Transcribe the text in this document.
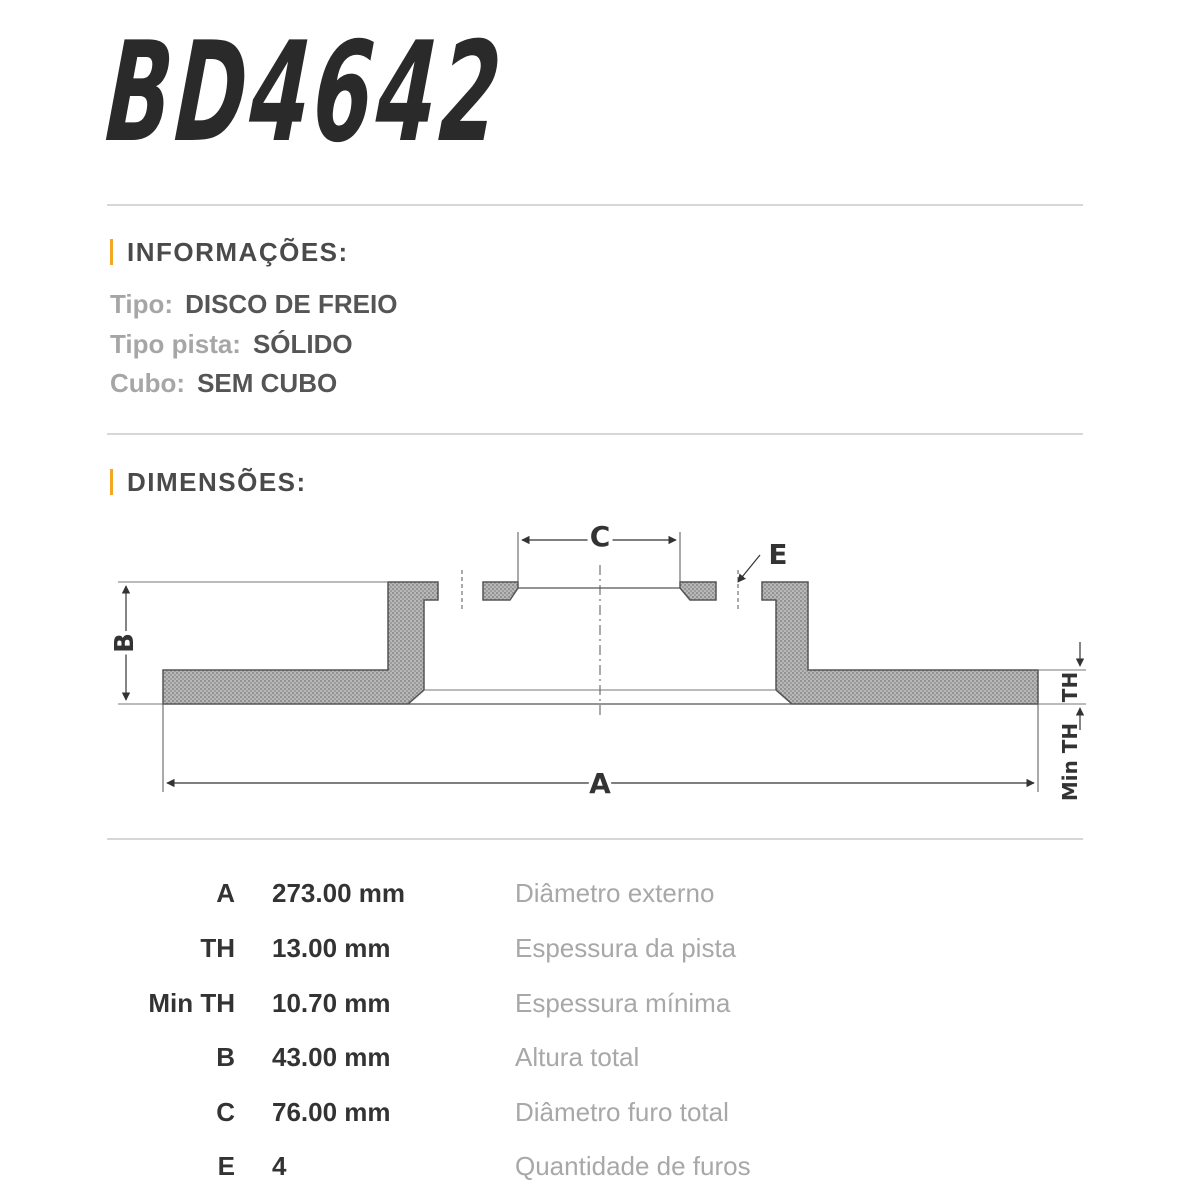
BD4642
INFORMAÇÕES:
Tipo: DISCO DE FREIO
Tipo pista: SÓLIDO
Cubo: SEM CUBO
DIMENSÕES:
C
E
B
A
TH
Min TH
A 273.00 mm	Diâmetro externo
TH 13.00 mm	Espessura da pista
Min TH 10.70 mm	Espessura mínima
B 43.00 mm	Altura total
C 76.00 mm	Diâmetro furo total
E 4	Quantidade de furos
